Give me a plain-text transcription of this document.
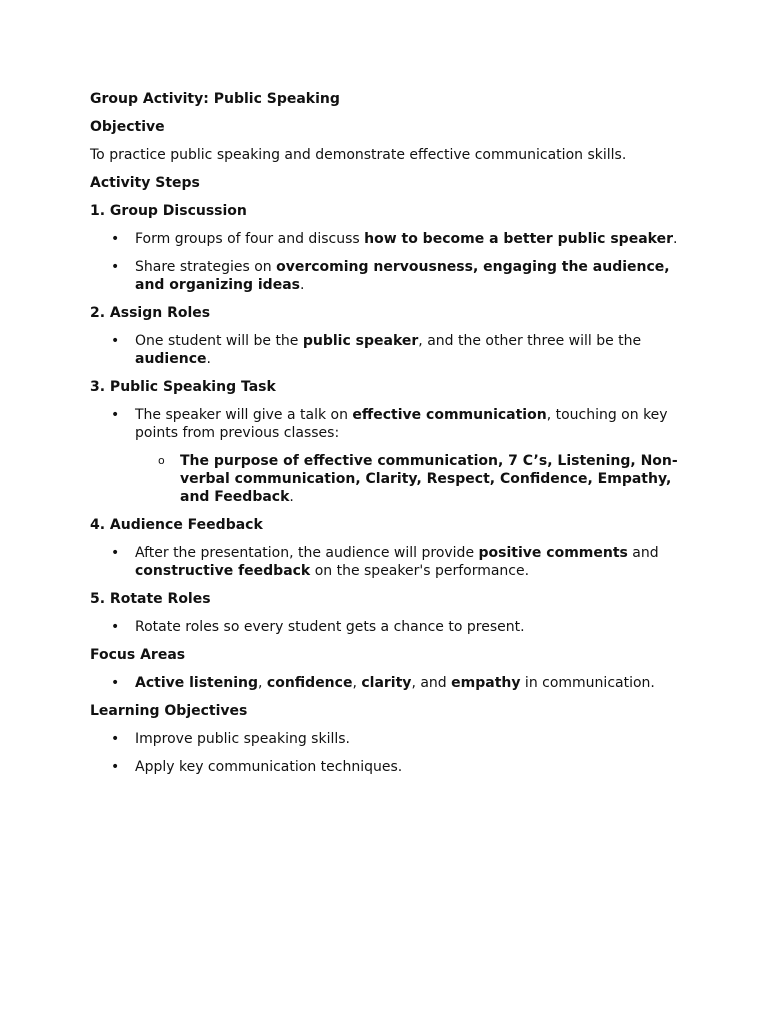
Group Activity: Public Speaking
Objective
To practice public speaking and demonstrate effective communication skills.
Activity Steps
1. Group Discussion
• Form groups of four and discuss how to become a better public speaker.
• Share strategies on overcoming nervousness, engaging the audience, and organizing ideas.
2. Assign Roles
• One student will be the public speaker, and the other three will be the audience.
3. Public Speaking Task
• The speaker will give a talk on effective communication, touching on key points from previous classes:
o The purpose of effective communication, 7 C’s, Listening, Non-verbal communication, Clarity, Respect, Confidence, Empathy, and Feedback.
4. Audience Feedback
• After the presentation, the audience will provide positive comments and constructive feedback on the speaker's performance.
5. Rotate Roles
• Rotate roles so every student gets a chance to present.
Focus Areas
• Active listening, confidence, clarity, and empathy in communication.
Learning Objectives
• Improve public speaking skills.
• Apply key communication techniques.
